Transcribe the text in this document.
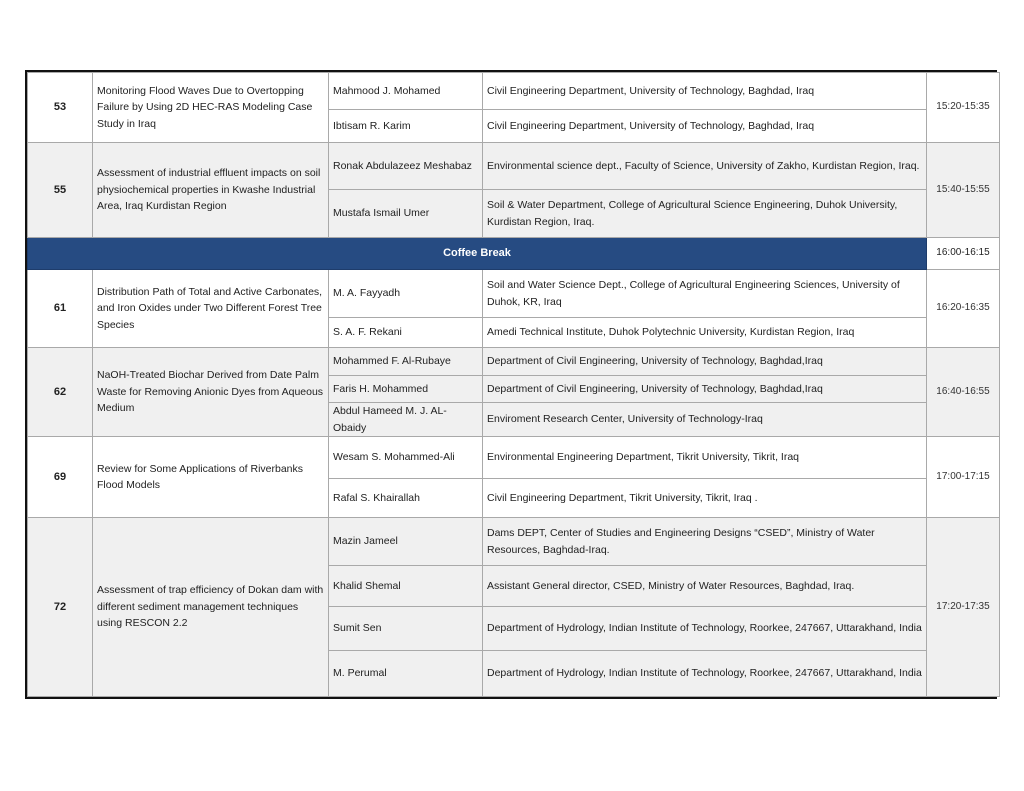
53	Monitoring Flood Waves Due to Overtopping Failure by Using 2D HEC-RAS Modeling Case Study in Iraq	Mahmood J. Mohamed	Civil Engineering Department, University of Technology, Baghdad, Iraq	15:20-15:35
		Ibtisam R. Karim	Civil Engineering Department, University of Technology, Baghdad, Iraq	
55	Assessment of industrial effluent impacts on soil physiochemical properties in Kwashe Industrial Area, Iraq Kurdistan Region	Ronak Abdulazeez Meshabaz	Environmental science dept., Faculty of Science, University of Zakho, Kurdistan Region, Iraq.	15:40-15:55
		Mustafa Ismail Umer	Soil & Water Department, College of Agricultural Science Engineering, Duhok University, Kurdistan Region, Iraq.	
Coffee Break				16:00-16:15
61	Distribution Path of Total and Active Carbonates, and Iron Oxides under Two Different Forest Tree Species	M. A. Fayyadh	Soil and Water Science Dept., College of Agricultural Engineering Sciences, University of Duhok, KR, Iraq	16:20-16:35
		S. A. F. Rekani	Amedi Technical Institute, Duhok Polytechnic University, Kurdistan Region, Iraq	
62	NaOH-Treated Biochar Derived from Date Palm Waste for Removing Anionic Dyes from Aqueous Medium	Mohammed F. Al-Rubaye	Department of Civil Engineering, University of Technology, Baghdad,Iraq	16:40-16:55
		Faris H. Mohammed	Department of Civil Engineering, University of Technology, Baghdad,Iraq	
		Abdul Hameed M. J. AL-Obaidy	Enviroment Research Center, University of Technology-Iraq	
69	Review for Some Applications of Riverbanks Flood Models	Wesam S. Mohammed-Ali	Environmental Engineering Department, Tikrit University, Tikrit, Iraq	17:00-17:15
		Rafal S. Khairallah	Civil Engineering Department, Tikrit University, Tikrit, Iraq .	
72	Assessment of trap efficiency of Dokan dam with different sediment management techniques using RESCON 2.2	Mazin Jameel	Dams DEPT, Center of Studies and Engineering Designs “CSED”, Ministry of Water Resources, Baghdad-Iraq.	17:20-17:35
		Khalid Shemal	Assistant General director, CSED, Ministry of Water Resources, Baghdad, Iraq.	
		Sumit Sen	Department of Hydrology, Indian Institute of Technology, Roorkee, 247667, Uttarakhand, India	
		M. Perumal	Department of Hydrology, Indian Institute of Technology, Roorkee, 247667, Uttarakhand, India	
